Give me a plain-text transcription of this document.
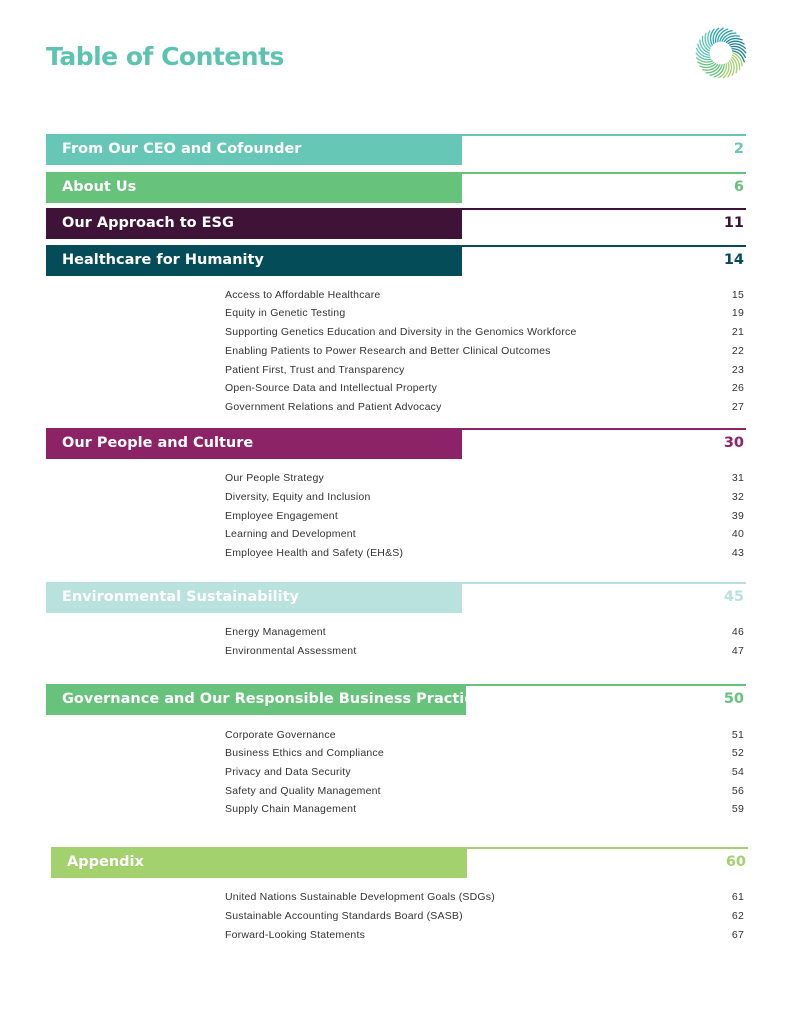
Table of Contents
From Our CEO and Cofounder	2
About Us	6
Our Approach to ESG	11
Healthcare for Humanity	14
Our People and Culture	30
Environmental Sustainability	45
Governance and Our Responsible Business Practices	50
Appendix	60
Access to Affordable Healthcare	15
Equity in Genetic Testing	19
Supporting Genetics Education and Diversity in the Genomics Workforce	21
Enabling Patients to Power Research and Better Clinical Outcomes	22
Patient First, Trust and Transparency	23
Open-Source Data and Intellectual Property	26
Government Relations and Patient Advocacy	27
Our People Strategy	31
Diversity, Equity and Inclusion	32
Employee Engagement	39
Learning and Development	40
Employee Health and Safety (EH&S)	43
Energy Management	46
Environmental Assessment	47
Corporate Governance	51
Business Ethics and Compliance	52
Privacy and Data Security	54
Safety and Quality Management	56
Supply Chain Management	59
United Nations Sustainable Development Goals (SDGs)	61
Sustainable Accounting Standards Board (SASB)	62
Forward-Looking Statements	67
